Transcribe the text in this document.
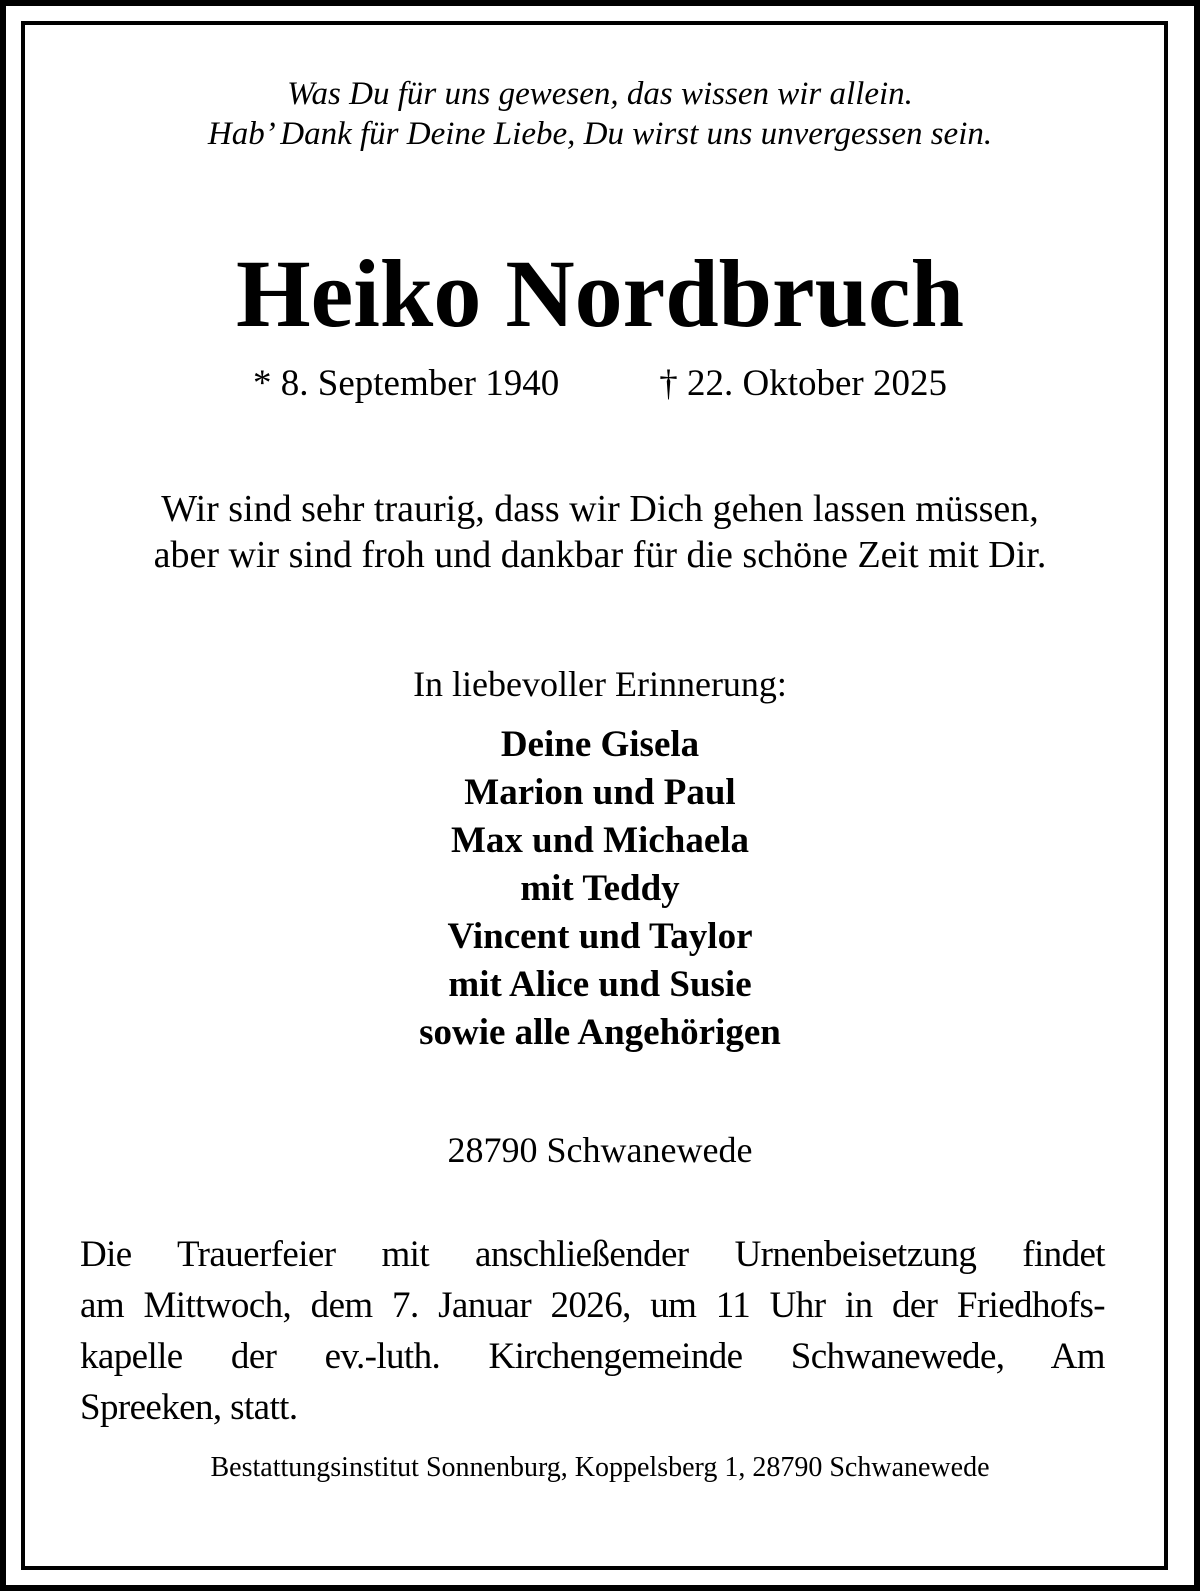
Was Du für uns gewesen, das wissen wir allein.
Hab’ Dank für Deine Liebe, Du wirst uns unvergessen sein.
Heiko Nordbruch
* 8. September 1940	† 22. Oktober 2025
Wir sind sehr traurig, dass wir Dich gehen lassen müssen,
aber wir sind froh und dankbar für die schöne Zeit mit Dir.
In liebevoller Erinnerung:
Deine Gisela
Marion und Paul
Max und Michaela
mit Teddy
Vincent und Taylor
mit Alice und Susie
sowie alle Angehörigen
28790 Schwanewede
Die Trauerfeier mit anschließender Urnenbeisetzung findet
am Mittwoch, dem 7. Januar 2026, um 11 Uhr in der Friedhofs-
kapelle der ev.-luth. Kirchengemeinde Schwanewede, Am
Spreeken, statt.
Bestattungsinstitut Sonnenburg, Koppelsberg 1, 28790 Schwanewede
